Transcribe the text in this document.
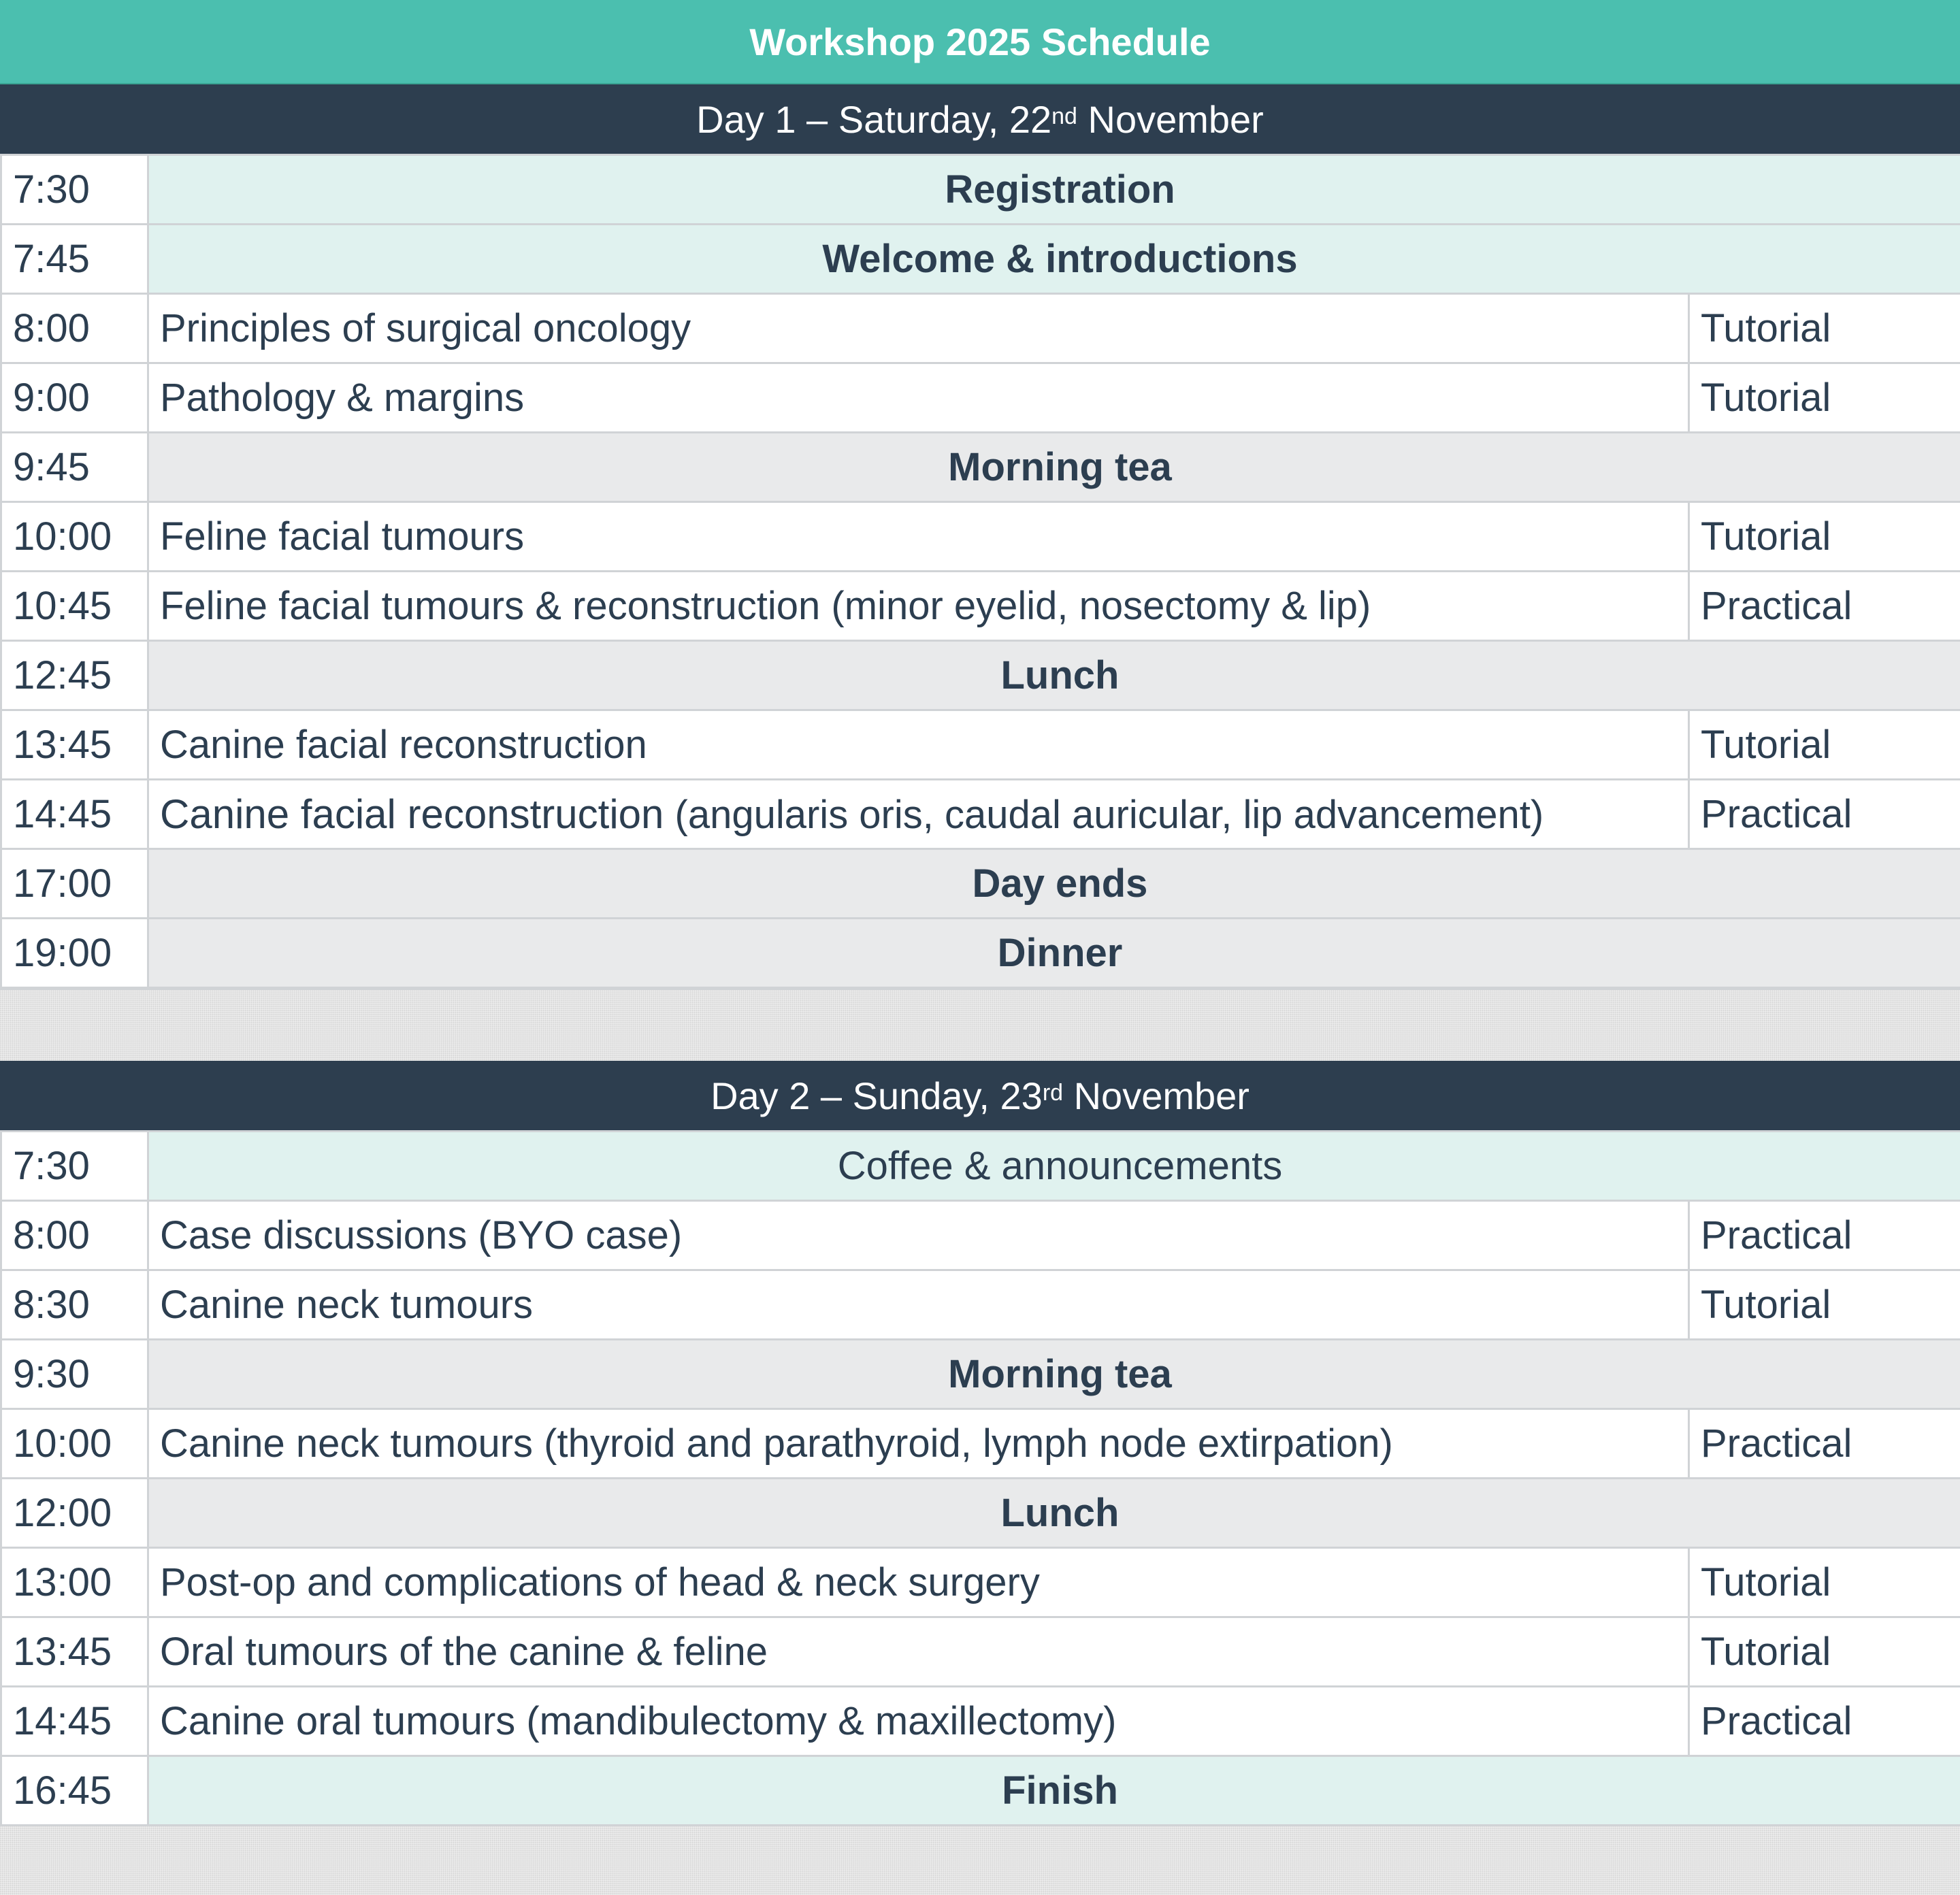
Workshop 2025 Schedule
Day 1 – Saturday, 22nd November
7:30	Registration	
7:45	Welcome & introductions	
8:00	Principles of surgical oncology	Tutorial
9:00	Pathology & margins	Tutorial
9:45	Morning tea	
10:00	Feline facial tumours	Tutorial
10:45	Feline facial tumours & reconstruction (minor eyelid, nosectomy & lip)	Practical
12:45	Lunch	
13:45	Canine facial reconstruction	Tutorial
14:45	Canine facial reconstruction (angularis oris, caudal auricular, lip advancement)	Practical
17:00	Day ends	
19:00	Dinner	
Day 2 – Sunday, 23rd November
7:30	Coffee & announcements	
8:00	Case discussions (BYO case)	Practical
8:30	Canine neck tumours	Tutorial
9:30	Morning tea	
10:00	Canine neck tumours (thyroid and parathyroid, lymph node extirpation)	Practical
12:00	Lunch	
13:00	Post-op and complications of head & neck surgery	Tutorial
13:45	Oral tumours of the canine & feline	Tutorial
14:45	Canine oral tumours (mandibulectomy & maxillectomy)	Practical
16:45	Finish	
